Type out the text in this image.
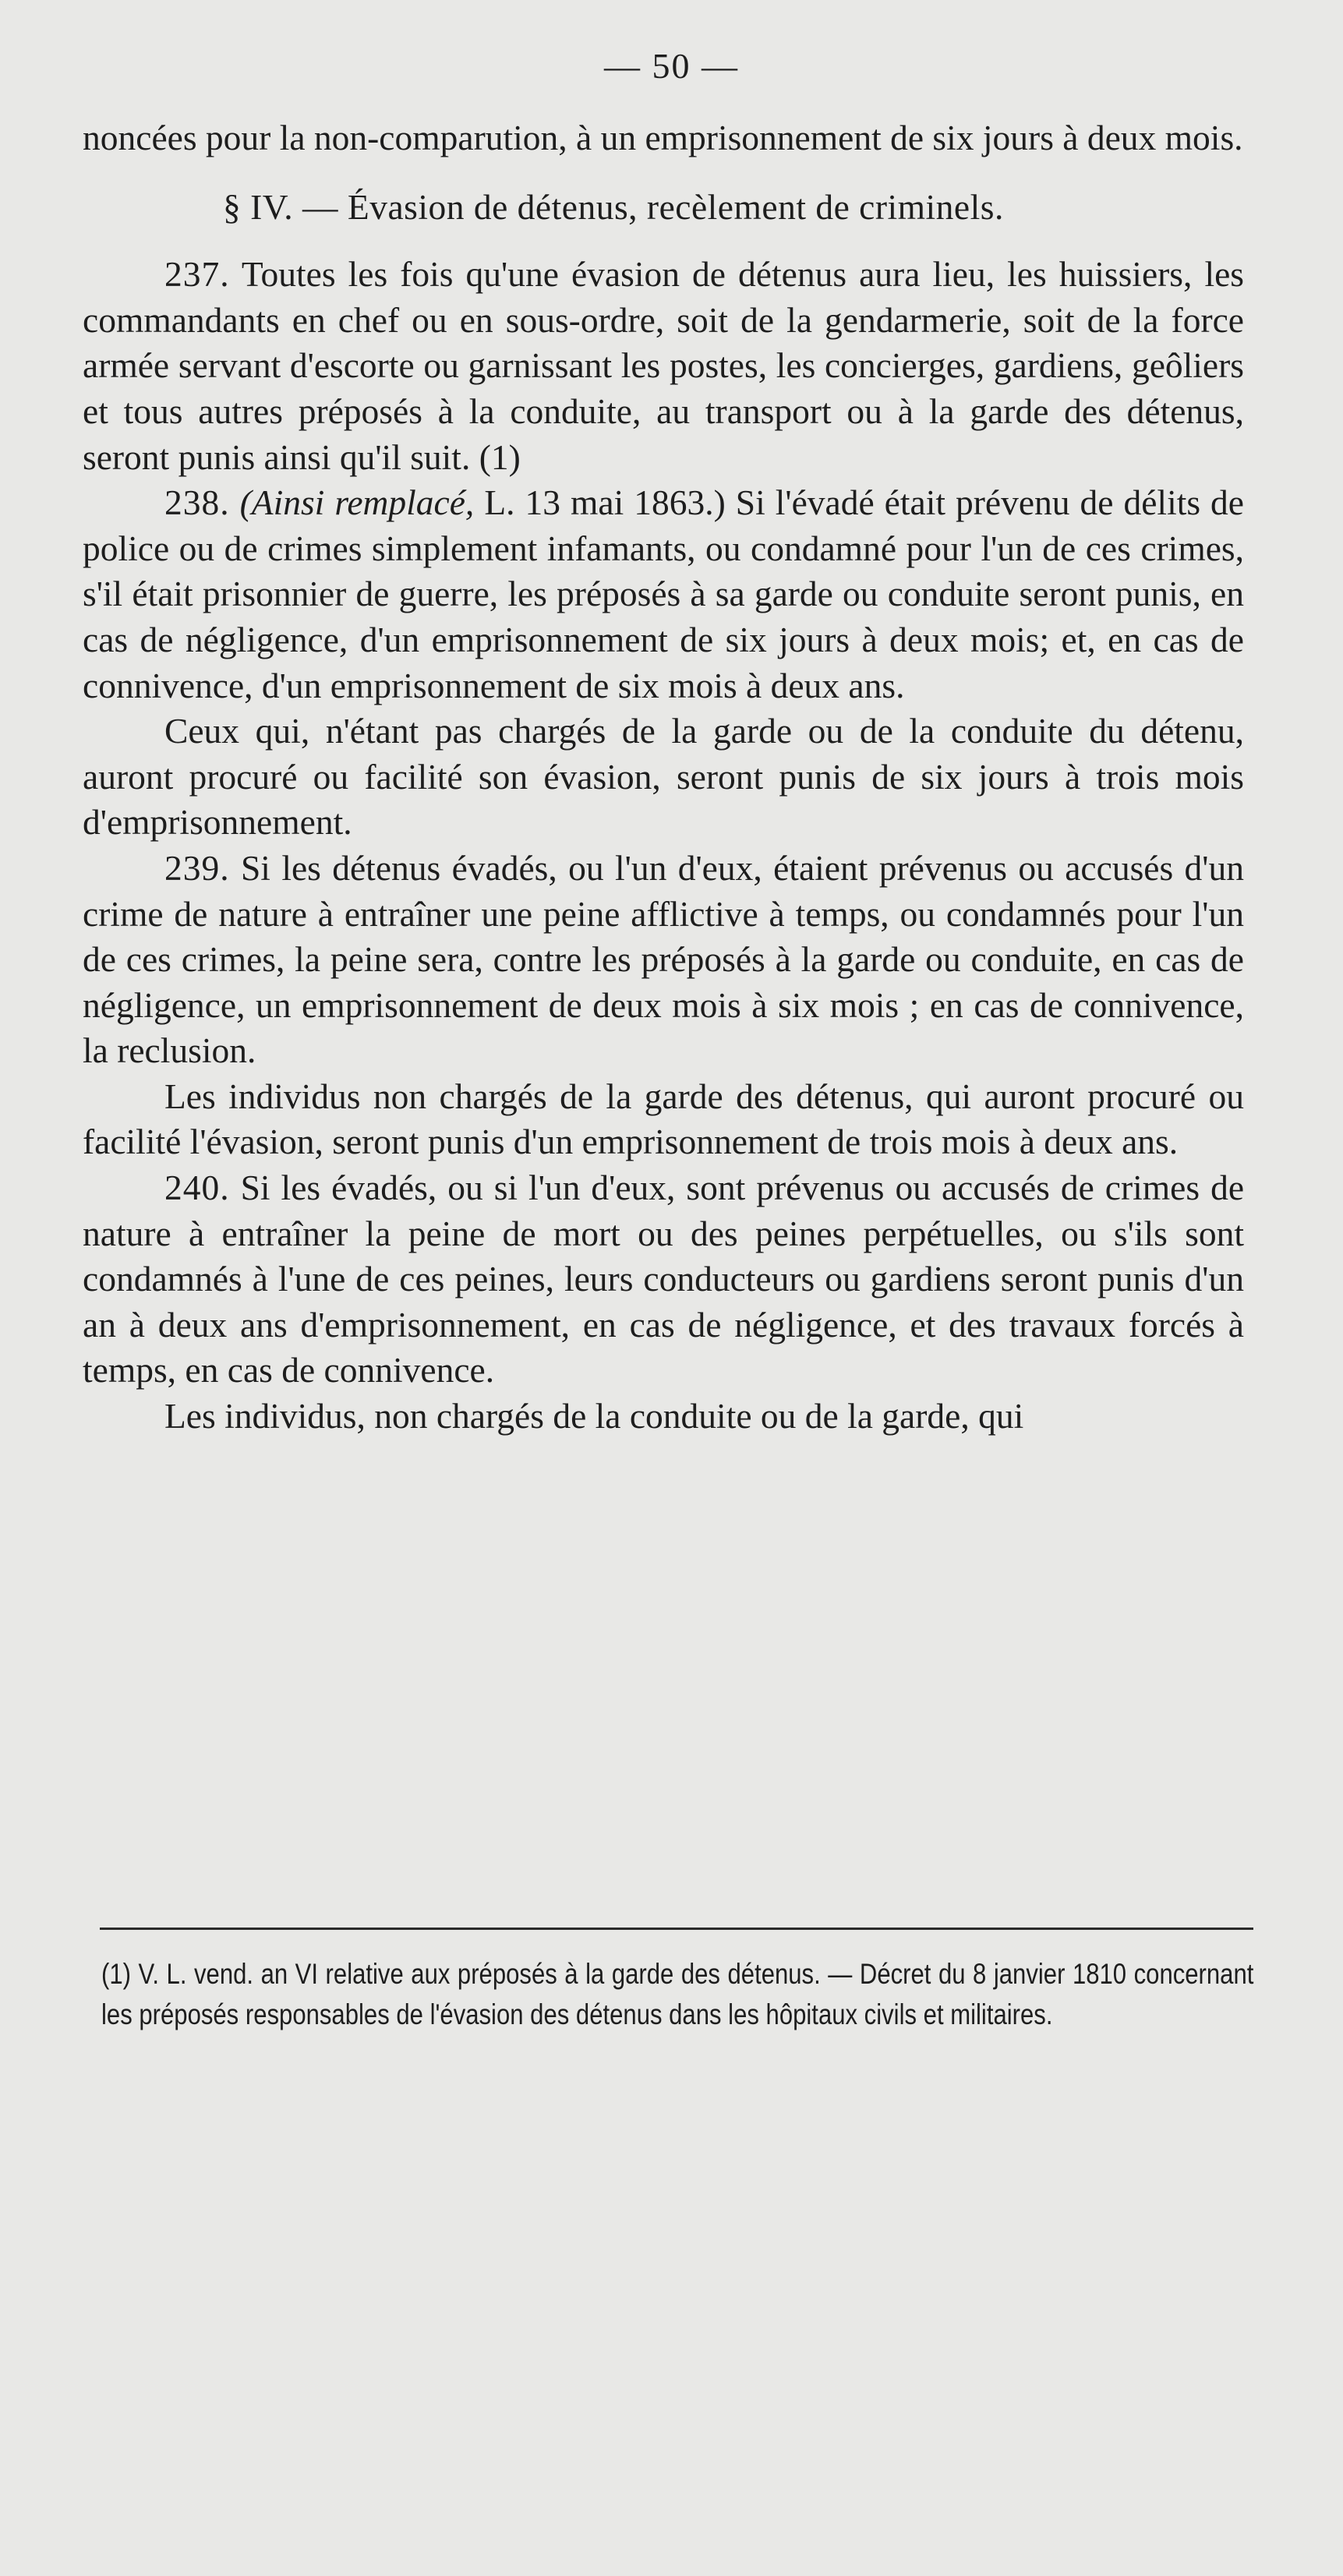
— 50 —

noncées pour la non-comparution, à un emprisonnement de six jours à deux mois.

§ IV. — Évasion de détenus, recèlement de criminels.

237. Toutes les fois qu'une évasion de détenus aura lieu, les huissiers, les commandants en chef ou en sous-ordre, soit de la gendarmerie, soit de la force armée servant d'escorte ou garnissant les postes, les concierges, gardiens, geôliers et tous autres préposés à la conduite, au transport ou à la garde des détenus, seront punis ainsi qu'il suit. (1)

238. (Ainsi remplacé, L. 13 mai 1863.) Si l'évadé était prévenu de délits de police ou de crimes simplement infamants, ou condamné pour l'un de ces crimes, s'il était prisonnier de guerre, les préposés à sa garde ou conduite seront punis, en cas de négligence, d'un emprisonnement de six jours à deux mois; et, en cas de connivence, d'un emprisonnement de six mois à deux ans.

Ceux qui, n'étant pas chargés de la garde ou de la conduite du détenu, auront procuré ou facilité son évasion, seront punis de six jours à trois mois d'emprisonnement.

239. Si les détenus évadés, ou l'un d'eux, étaient prévenus ou accusés d'un crime de nature à entraîner une peine afflictive à temps, ou condamnés pour l'un de ces crimes, la peine sera, contre les préposés à la garde ou conduite, en cas de négligence, un emprisonnement de deux mois à six mois ; en cas de connivence, la reclusion.

Les individus non chargés de la garde des détenus, qui auront procuré ou facilité l'évasion, seront punis d'un emprisonnement de trois mois à deux ans.

240. Si les évadés, ou si l'un d'eux, sont prévenus ou accusés de crimes de nature à entraîner la peine de mort ou des peines perpétuelles, ou s'ils sont condamnés à l'une de ces peines, leurs conducteurs ou gardiens seront punis d'un an à deux ans d'emprisonnement, en cas de négligence, et des travaux forcés à temps, en cas de connivence.

Les individus, non chargés de la conduite ou de la garde, qui

(1) V. L. vend. an VI relative aux préposés à la garde des détenus. — Décret du 8 janvier 1810 concernant les préposés responsables de l'évasion des détenus dans les hôpitaux civils et militaires.
